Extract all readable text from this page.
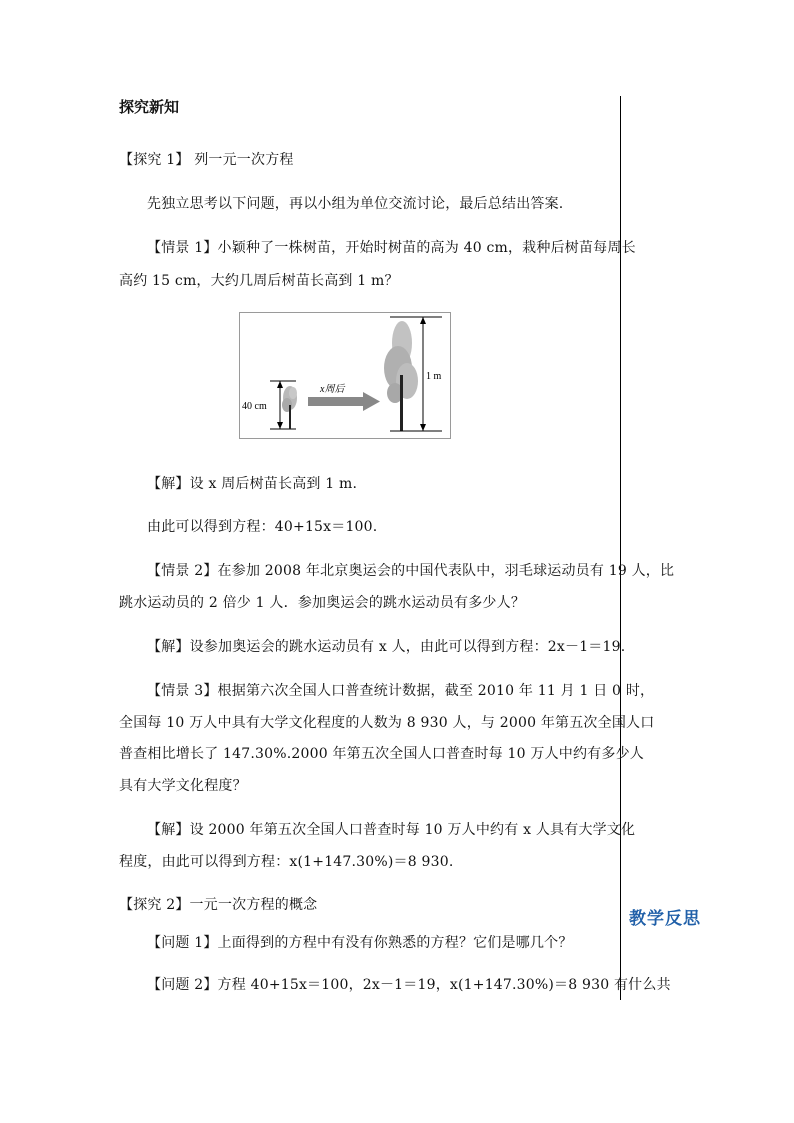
探究新知
【探究 1】 列一元一次方程
先独立思考以下问题，再以小组为单位交流讨论，最后总结出答案.
【情景 1】小颖种了一株树苗，开始时树苗的高为 40 cm，栽种后树苗每周长
高约 15 cm，大约几周后树苗长高到 1 m？
40 cm
x周后
1 m
【解】设 x 周后树苗长高到 1 m.
由此可以得到方程：40+15x＝100.
【情景 2】在参加 2008 年北京奥运会的中国代表队中，羽毛球运动员有 19 人，比
跳水运动员的 2 倍少 1 人．参加奥运会的跳水运动员有多少人？
【解】设参加奥运会的跳水运动员有 x 人，由此可以得到方程：2x－1＝19.
【情景 3】根据第六次全国人口普查统计数据，截至 2010 年 11 月 1 日 0 时，
全国每 10 万人中具有大学文化程度的人数为 8 930 人，与 2000 年第五次全国人口
普查相比增长了 147.30%.2000 年第五次全国人口普查时每 10 万人中约有多少人
具有大学文化程度？
【解】设 2000 年第五次全国人口普查时每 10 万人中约有 x 人具有大学文化
程度，由此可以得到方程：x(1+147.30%)＝8 930.
【探究 2】一元一次方程的概念
【问题 1】上面得到的方程中有没有你熟悉的方程？它们是哪几个？
【问题 2】方程 40+15x＝100，2x－1＝19，x(1+147.30%)＝8 930 有什么共
教学反思
